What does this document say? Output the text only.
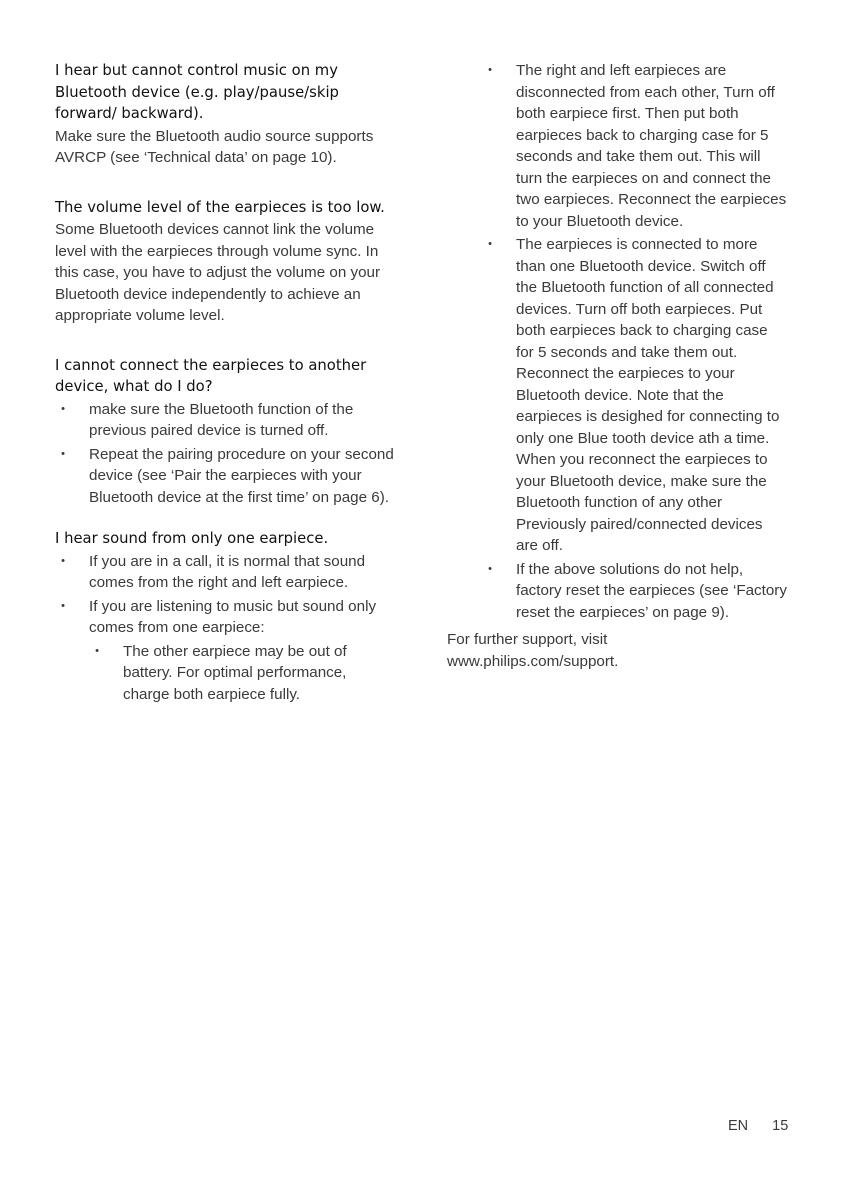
I hear but cannot control music on my Bluetooth device (e.g. play/pause/skip forward/ backward).

Make sure the Bluetooth audio source supports AVRCP (see ‘Technical data’ on page 10).

The volume level of the earpieces is too low.

Some Bluetooth devices cannot link the volume level with the earpieces through volume sync. In this case, you have to adjust the volume on your Bluetooth device independently to achieve an appropriate volume level.

I cannot connect the earpieces to another device, what do I do?

• make sure the Bluetooth function of the previous paired device is turned off.
• Repeat the pairing procedure on your second device (see ‘Pair the earpieces with your Bluetooth device at the first time’ on page 6).

I hear sound from only one earpiece.

• If you are in a call, it is normal that sound comes from the right and left earpiece.
• If you are listening to music but sound only comes from one earpiece:
• The other earpiece may be out of battery. For optimal performance, charge both earpiece fully.
• The right and left earpieces are disconnected from each other, Turn off both earpiece first. Then put both earpieces back to charging case for 5 seconds and take them out. This will turn the earpieces on and connect the two earpieces. Reconnect the earpieces to your Bluetooth device.
• The earpieces is connected to more than one Bluetooth device. Switch off the Bluetooth function of all connected devices. Turn off both earpieces. Put both earpieces back to charging case for 5 seconds and take them out. Reconnect the earpieces to your Bluetooth device. Note that the earpieces is desighed for connecting to only one Blue tooth device ath a time. When you reconnect the earpieces to your Bluetooth device, make sure the Bluetooth function of any other Previously paired/connected devices are off.
• If the above solutions do not help, factory reset the earpieces (see ‘Factory reset the earpieces’ on page 9).

For further support, visit
www.philips.com/support.

EN 15
